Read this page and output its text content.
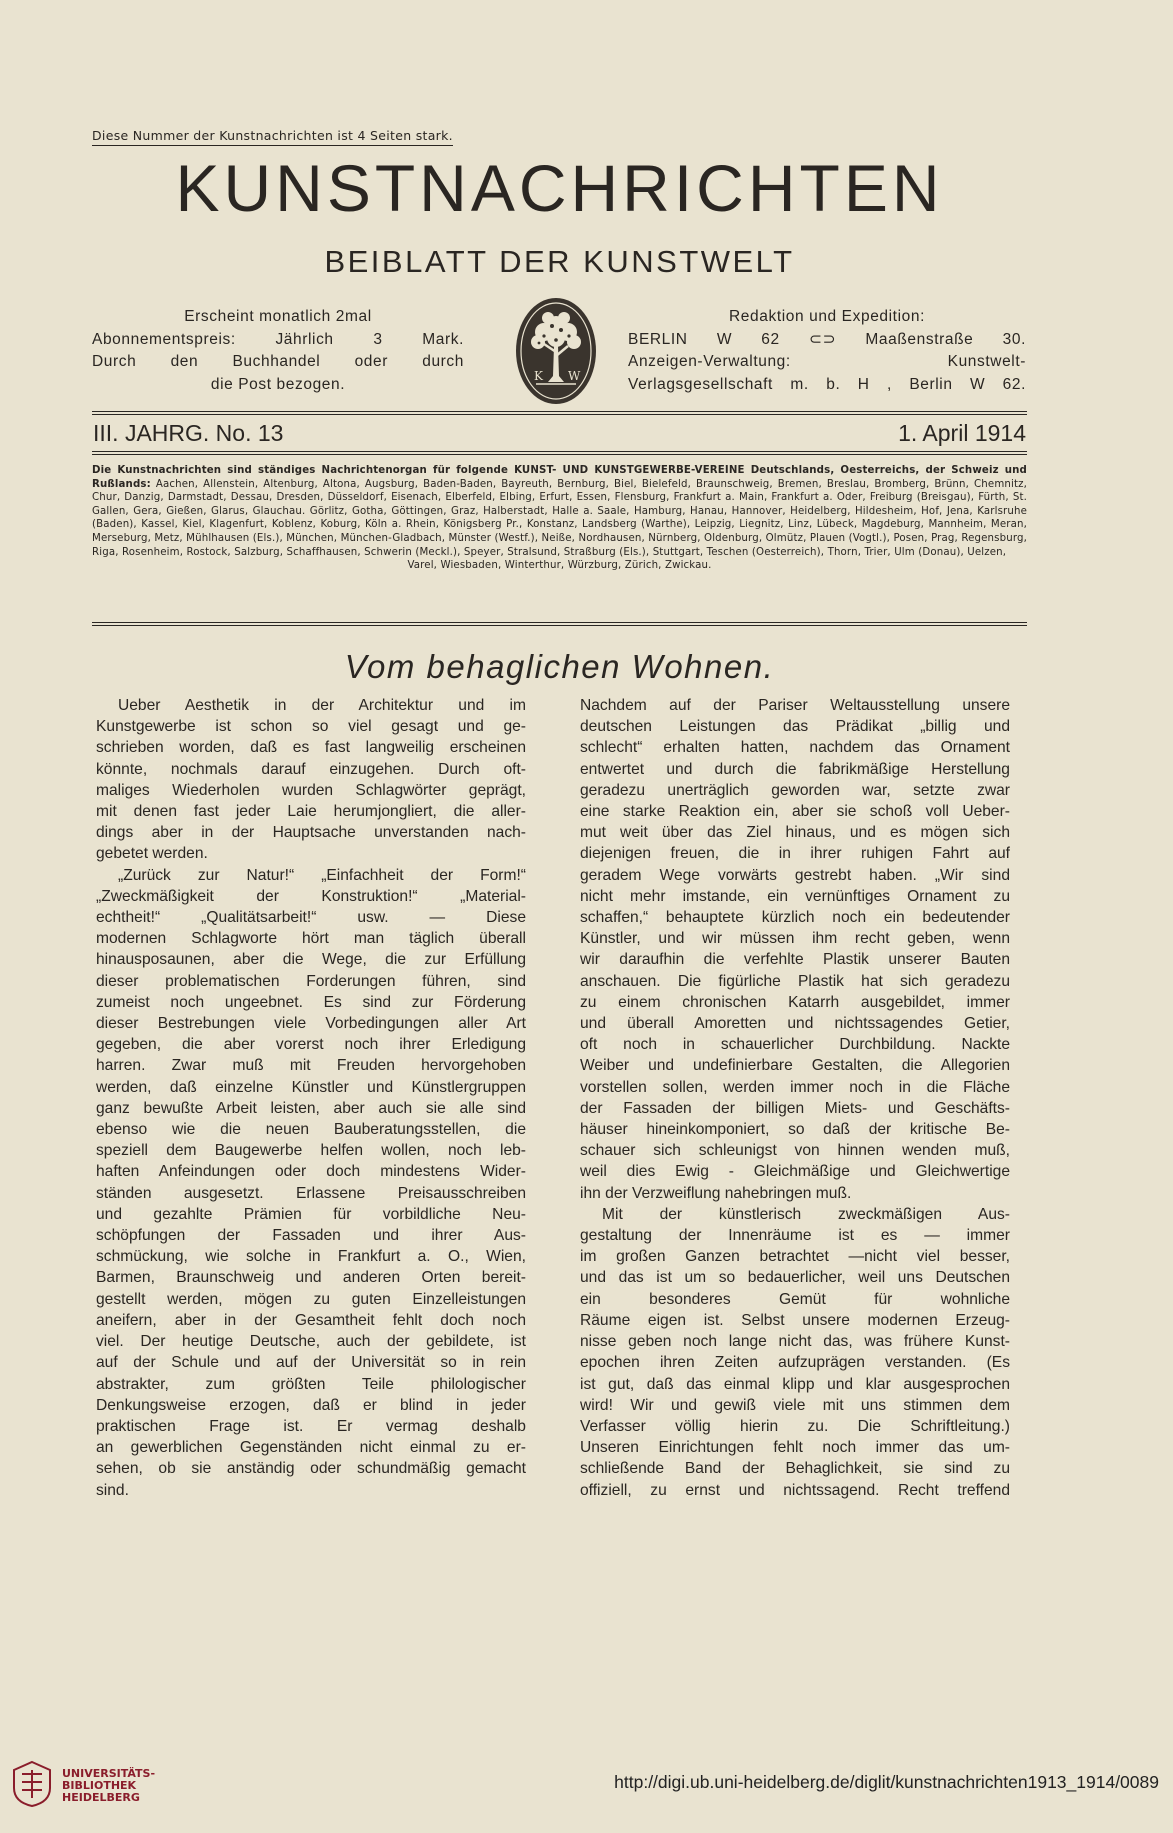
Diese Nummer der Kunstnachrichten ist 4 Seiten stark.
KUNSTNACHRICHTEN
BEIBLATT DER KUNSTWELT
Erscheint monatlich 2mal
Abonnementspreis: Jährlich 3 Mark.
Durch den Buchhandel oder durch
die Post bezogen.	K W
Redaktion und Expedition:
BERLIN W 62 ⊂⊃ Maaßenstraße 30.
Anzeigen-Verwaltung: Kunstwelt-
Verlagsgesellschaft m. b. H , Berlin W 62.
III. JAHRG. No. 13	1. April 1914
Die Kunstnachrichten sind ständiges Nachrichtenorgan für folgende KUNST- UND KUNSTGEWERBE-VEREINE Deutschlands, Oesterreichs, der Schweiz und Rußlands: Aachen, Allenstein, Altenburg, Altona, Augsburg, Baden-Baden, Bayreuth, Bernburg, Biel, Bielefeld, Braunschweig, Bremen, Breslau, Bromberg, Brünn, Chemnitz, Chur, Danzig, Darmstadt, Dessau, Dresden, Düsseldorf, Eisenach, Elberfeld, Elbing, Erfurt, Essen, Flensburg, Frankfurt a. Main, Frankfurt a. Oder, Freiburg (Breisgau), Fürth, St. Gallen, Gera, Gießen, Glarus, Glauchau. Görlitz, Gotha, Göttingen, Graz, Halberstadt, Halle a. Saale, Hamburg, Hanau, Hannover, Heidelberg, Hildesheim, Hof, Jena, Karlsruhe (Baden), Kassel, Kiel, Klagenfurt, Koblenz, Koburg, Köln a. Rhein, Königsberg Pr., Konstanz, Landsberg (Warthe), Leipzig, Liegnitz, Linz, Lübeck, Magdeburg, Mannheim, Meran, Merseburg, Metz, Mühlhausen (Els.), München, München-Gladbach, Münster (Westf.), Neiße, Nordhausen, Nürnberg, Oldenburg, Olmütz, Plauen (Vogtl.), Posen, Prag, Regensburg, Riga, Rosenheim, Rostock, Salzburg, Schaffhausen, Schwerin (Meckl.), Speyer, Stralsund, Straßburg (Els.), Stuttgart, Teschen (Oesterreich), Thorn, Trier, Ulm (Donau), Uelzen,
Varel, Wiesbaden, Winterthur, Würzburg, Zürich, Zwickau.
Vom behaglichen Wohnen.
Ueber Aesthetik in der Architektur und im
Kunstgewerbe ist schon so viel gesagt und ge-
schrieben worden, daß es fast langweilig erscheinen
könnte, nochmals darauf einzugehen. Durch oft-
maliges Wiederholen wurden Schlagwörter geprägt,
mit denen fast jeder Laie herumjongliert, die aller-
dings aber in der Hauptsache unverstanden nach-
gebetet werden.
„Zurück zur Natur!“ „Einfachheit der Form!“
„Zweckmäßigkeit der Konstruktion!“ „Material-
echtheit!“ „Qualitätsarbeit!“ usw. — Diese
modernen Schlagworte hört man täglich überall
hinausposaunen, aber die Wege, die zur Erfüllung
dieser problematischen Forderungen führen, sind
zumeist noch ungeebnet. Es sind zur Förderung
dieser Bestrebungen viele Vorbedingungen aller Art
gegeben, die aber vorerst noch ihrer Erledigung
harren. Zwar muß mit Freuden hervorgehoben
werden, daß einzelne Künstler und Künstlergruppen
ganz bewußte Arbeit leisten, aber auch sie alle sind
ebenso wie die neuen Bauberatungsstellen, die
speziell dem Baugewerbe helfen wollen, noch leb-
haften Anfeindungen oder doch mindestens Wider-
ständen ausgesetzt. Erlassene Preisausschreiben
und gezahlte Prämien für vorbildliche Neu-
schöpfungen der Fassaden und ihrer Aus-
schmückung, wie solche in Frankfurt a. O., Wien,
Barmen, Braunschweig und anderen Orten bereit-
gestellt werden, mögen zu guten Einzelleistungen
aneifern, aber in der Gesamtheit fehlt doch noch
viel. Der heutige Deutsche, auch der gebildete, ist
auf der Schule und auf der Universität so in rein
abstrakter, zum größten Teile philologischer
Denkungsweise erzogen, daß er blind in jeder
praktischen Frage ist. Er vermag deshalb
an gewerblichen Gegenständen nicht einmal zu er-
sehen, ob sie anständig oder schundmäßig gemacht
sind.
Nachdem auf der Pariser Weltausstellung unsere
deutschen Leistungen das Prädikat „billig und
schlecht“ erhalten hatten, nachdem das Ornament
entwertet und durch die fabrikmäßige Herstellung
geradezu unerträglich geworden war, setzte zwar
eine starke Reaktion ein, aber sie schoß voll Ueber-
mut weit über das Ziel hinaus, und es mögen sich
diejenigen freuen, die in ihrer ruhigen Fahrt auf
geradem Wege vorwärts gestrebt haben. „Wir sind
nicht mehr imstande, ein vernünftiges Ornament zu
schaffen,“ behauptete kürzlich noch ein bedeutender
Künstler, und wir müssen ihm recht geben, wenn
wir daraufhin die verfehlte Plastik unserer Bauten
anschauen. Die figürliche Plastik hat sich geradezu
zu einem chronischen Katarrh ausgebildet, immer
und überall Amoretten und nichtssagendes Getier,
oft noch in schauerlicher Durchbildung. Nackte
Weiber und undefinierbare Gestalten, die Allegorien
vorstellen sollen, werden immer noch in die Fläche
der Fassaden der billigen Miets- und Geschäfts-
häuser hineinkomponiert, so daß der kritische Be-
schauer sich schleunigst von hinnen wenden muß,
weil dies Ewig - Gleichmäßige und Gleichwertige
ihn der Verzweiflung nahebringen muß.
Mit der künstlerisch zweckmäßigen Aus-
gestaltung der Innenräume ist es — immer
im großen Ganzen betrachtet —nicht viel besser,
und das ist um so bedauerlicher, weil uns Deutschen
ein besonderes Gemüt für wohnliche
Räume eigen ist. Selbst unsere modernen Erzeug-
nisse geben noch lange nicht das, was frühere Kunst-
epochen ihren Zeiten aufzuprägen verstanden. (Es
ist gut, daß das einmal klipp und klar ausgesprochen
wird! Wir und gewiß viele mit uns stimmen dem
Verfasser völlig hierin zu. Die Schriftleitung.)
Unseren Einrichtungen fehlt noch immer das um-
schließende Band der Behaglichkeit, sie sind zu
offiziell, zu ernst und nichtssagend. Recht treffend
UNIVERSITÄTS-
BIBLIOTHEK
HEIDELBERG
http://digi.ub.uni-heidelberg.de/diglit/kunstnachrichten1913_1914/0089
